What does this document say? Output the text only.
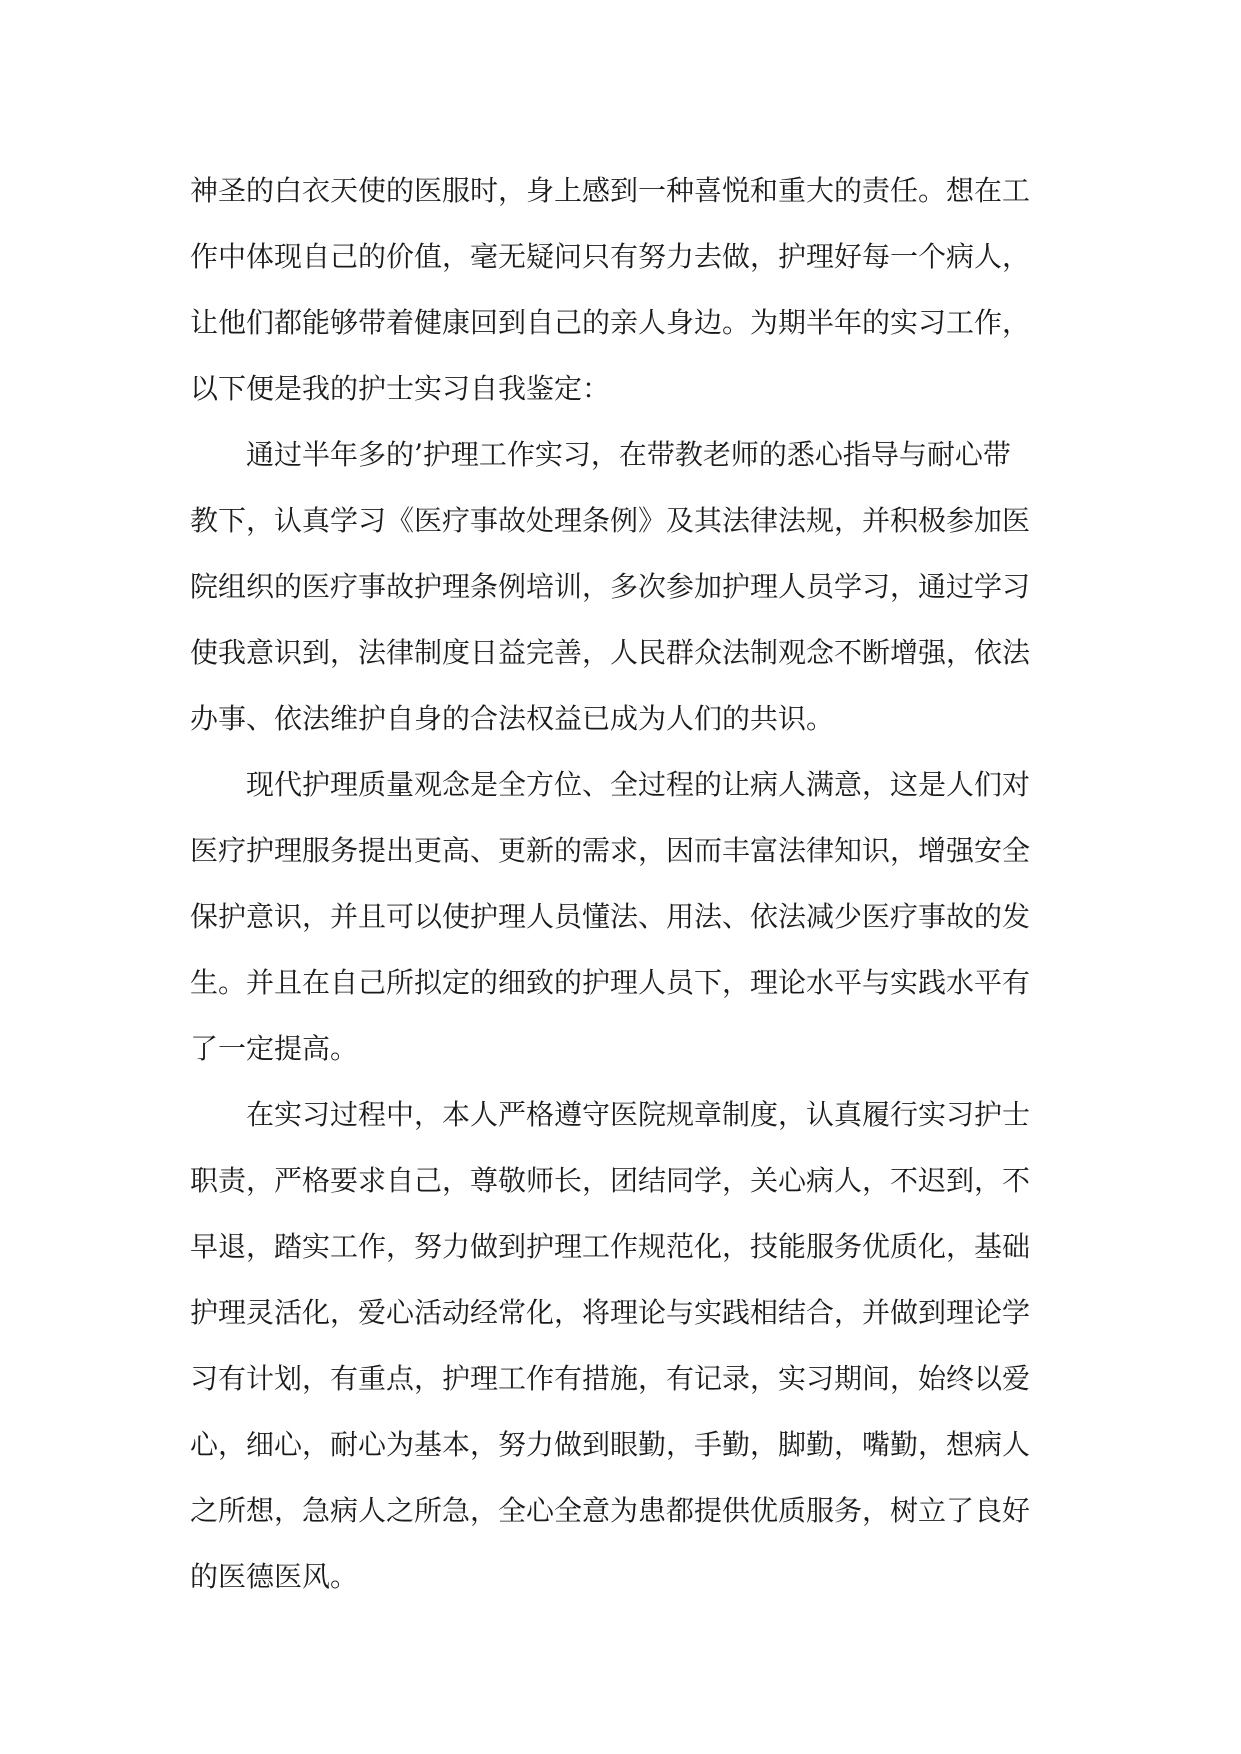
神圣的白衣天使的医服时，身上感到一种喜悦和重大的责任。想在工
作中体现自己的价值，毫无疑问只有努力去做，护理好每一个病人，
让他们都能够带着健康回到自己的亲人身边。为期半年的实习工作，
以下便是我的护士实习自我鉴定：
　　通过半年多的’护理工作实习，在带教老师的悉心指导与耐心带
教下，认真学习《医疗事故处理条例》及其法律法规，并积极参加医
院组织的医疗事故护理条例培训，多次参加护理人员学习，通过学习
使我意识到，法律制度日益完善，人民群众法制观念不断增强，依法
办事、依法维护自身的合法权益已成为人们的共识。
　　现代护理质量观念是全方位、全过程的让病人满意，这是人们对
医疗护理服务提出更高、更新的需求，因而丰富法律知识，增强安全
保护意识，并且可以使护理人员懂法、用法、依法减少医疗事故的发
生。并且在自己所拟定的细致的护理人员下，理论水平与实践水平有
了一定提高。
　　在实习过程中，本人严格遵守医院规章制度，认真履行实习护士
职责，严格要求自己，尊敬师长，团结同学，关心病人，不迟到，不
早退，踏实工作，努力做到护理工作规范化，技能服务优质化，基础
护理灵活化，爱心活动经常化，将理论与实践相结合，并做到理论学
习有计划，有重点，护理工作有措施，有记录，实习期间，始终以爱
心，细心，耐心为基本，努力做到眼勤，手勤，脚勤，嘴勤，想病人
之所想，急病人之所急，全心全意为患都提供优质服务，树立了良好
的医德医风。
